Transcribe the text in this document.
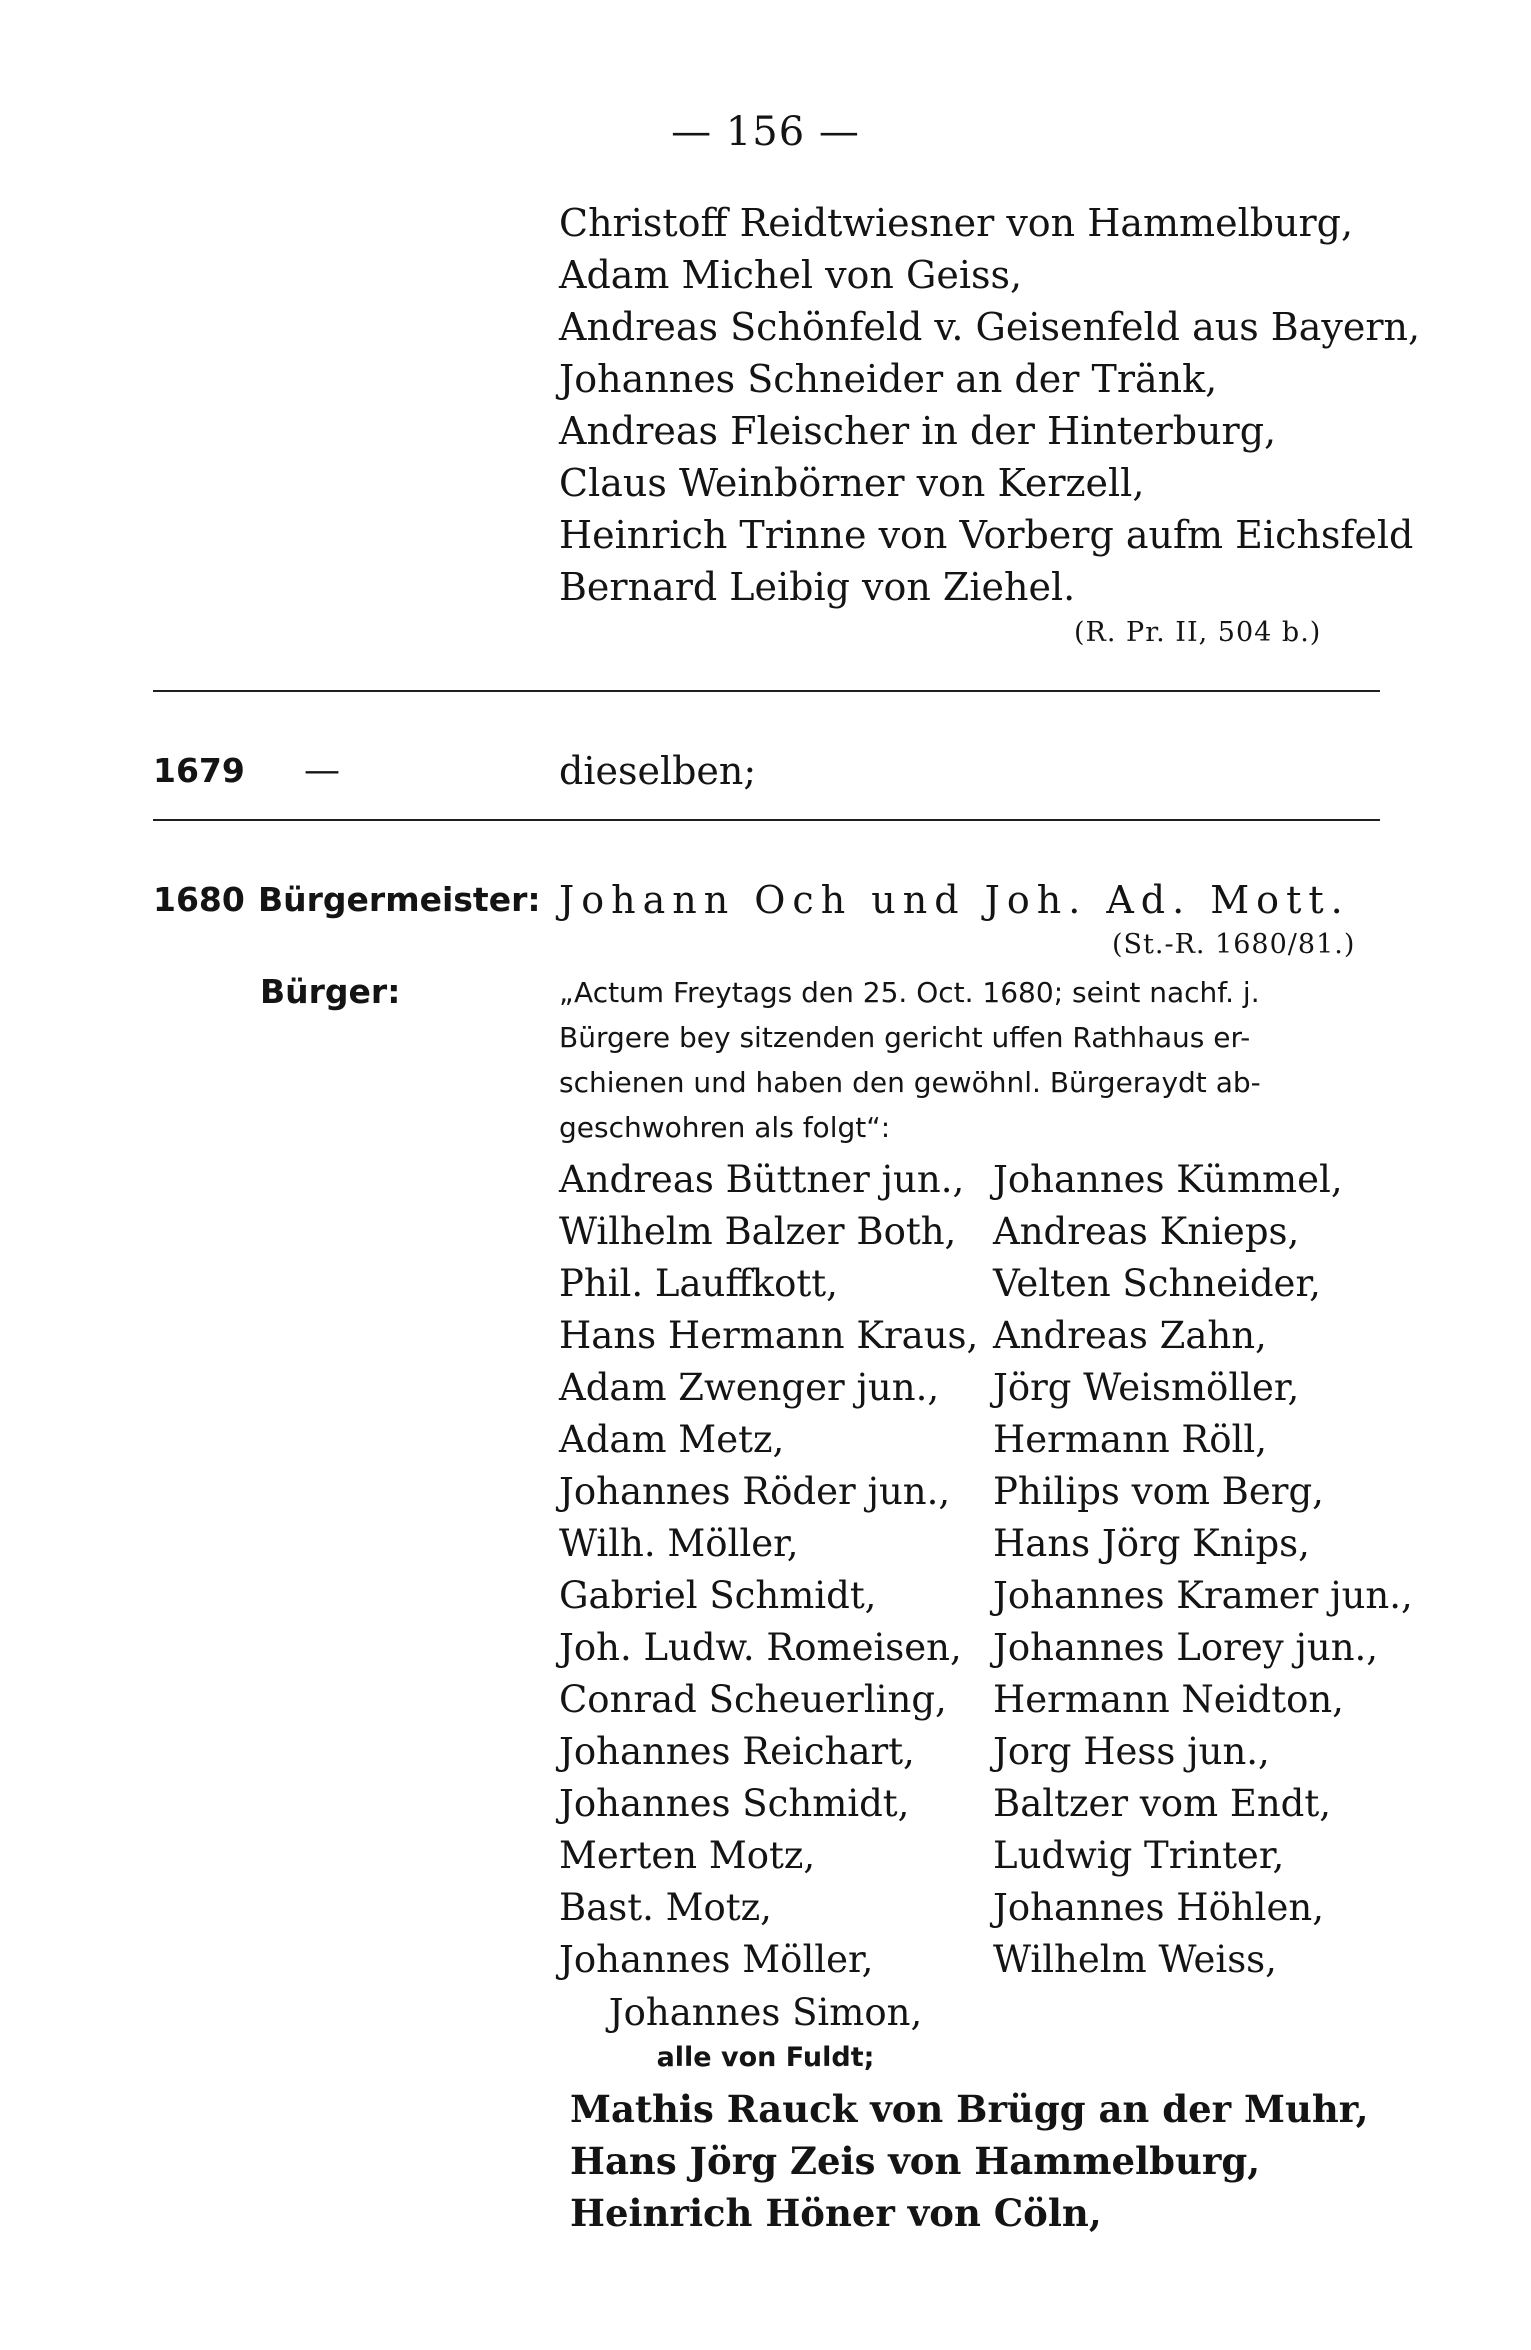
— 156 —
Christoff Reidtwiesner von Hammelburg,
Adam Michel von Geiss,
Andreas Schönfeld v. Geisenfeld aus Bayern,
Johannes Schneider an der Tränk,
Andreas Fleischer in der Hinterburg,
Claus Weinbörner von Kerzell,
Heinrich Trinne von Vorberg aufm Eichsfeld
Bernard Leibig von Ziehel.
(R. Pr. II, 504 b.)
1679 —	dieselben;
1680 Bürgermeister: Johann Och und Joh. Ad. Mott.
(St.-R. 1680/81.)
Bürger:	„Actum Freytags den 25. Oct. 1680; seint nachf. j.
Bürgere bey sitzenden gericht uffen Rathhaus er-
schienen und haben den gewöhnl. Bürgeraydt ab-
geschwohren als folgt“:
Andreas Büttner jun., Johannes Kümmel,
Wilhelm Balzer Both, Andreas Knieps,
Phil. Lauffkott,	Velten Schneider,
Hans Hermann Kraus, Andreas Zahn,
Adam Zwenger jun., Jörg Weismöller,
Adam Metz,	Hermann Röll,
Johannes Röder jun., Philips vom Berg,
Wilh. Möller,	Hans Jörg Knips,
Gabriel Schmidt,	Johannes Kramer jun.,
Joh. Ludw. Romeisen, Johannes Lorey jun.,
Conrad Scheuerling, Hermann Neidton,
Johannes Reichart, Jorg Hess jun.,
Johannes Schmidt, Baltzer vom Endt,
Merten Motz,	Ludwig Trinter,
Bast. Motz,	Johannes Höhlen,
Johannes Möller,	Wilhelm Weiss,
Johannes Simon,
alle von Fuldt;
Mathis Rauck von Brügg an der Muhr,
Hans Jörg Zeis von Hammelburg,
Heinrich Höner von Cöln,
